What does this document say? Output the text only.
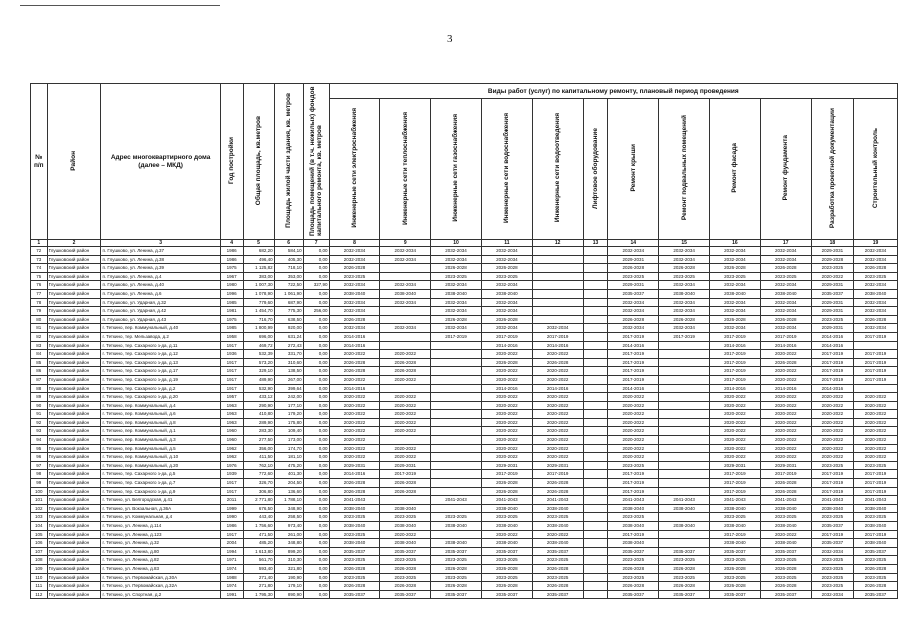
3
№ п/п	Район	Адрес многоквартирного дома (далее – МКД)	Год постройки	Общая площадь, кв.метров	Площадь жилой части здания, кв. метров	Площадь помещений (в т.ч. нежилых) фондов капитального ремонта, кв. метров	Виды работ (услуг) по капитальному ремонту, плановый период проведения											
							Инженерные сети электроснабжения	Инженерные сети теплоснабжения	Инженерные сети газоснабжения	Инженерные сети водоснабжения	Инженерные сети водоотведения	Лифтовое оборудование	Ремонт крыши	Ремонт подвальных помещений	Ремонт фасада	Ремонт фундамента	Разработка проектной документации	Строительный контроль
1	2	3	4	5	6	7	8	9	10	11	12	13	14	15	16	17	18	19
72	Глушковский район	п. Глушково, ул. Ленина, д.37	1986	682,20	584,10	0,00	2032-2034	2032-2034	2032-2034	2032-2034			2032-2034	2032-2034	2032-2034	2032-2034	2029-2031	2032-2034
73	Глушковский район	п. Глушково, ул. Ленина, д.38	1986	496,40	405,30	0,00	2032-2034	2032-2034	2032-2034	2032-2034			2029-2031	2032-2034	2032-2034	2032-2034	2029-2028	2032-2034
74	Глушковский район	п. Глушково, ул. Ленина, д.39	1975	1 125,82	718,10	0,00	2026-2028		2026-2028	2026-2028			2026-2028	2026-2028	2026-2028	2026-2028	2023-2025	2026-2028
75	Глушковский район	п. Глушково, ул. Ленина, д.4	1967	383,00	353,00	0,00	2023-2025		2023-2025	2023-2025			2023-2025	2023-2025	2023-2025	2023-2025	2020-2022	2023-2025
76	Глушковский район	п. Глушково, ул. Ленина, д.40	1980	1 007,30	722,50	327,90	2032-2034	2032-2034	2032-2034	2032-2034			2029-2031	2032-2034	2032-2034	2032-2034	2029-2031	2032-2034
77	Глушковский район	п. Глушково, ул. Ленина, д.6	1996	1 078,90	1 061,90	0,00	2038-2040	2038-2040	2038-2040	2038-2040			2035-2037	2038-2040	2038-2040	2038-2040	2035-2037	2038-2040
78	Глушковский район	п. Глушково, ул. Ударная, д.32	1985	779,60	687,90	0,00	2032-2034	2032-2034	2032-2034	2032-2034			2032-2034	2032-2034	2032-2034	2032-2034	2029-2031	2032-2034
79	Глушковский район	п. Глушково, ул. Ударная, д.42	1981	1 454,70	775,30	256,00	2032-2034		2032-2034	2032-2034			2032-2034	2032-2034	2032-2034	2032-2034	2029-2031	2032-2034
80	Глушковский район	п. Глушково, ул. Ударная, д.43	1975	716,70	638,50	0,00	2026-2028		2026-2028	2026-2028			2026-2028	2026-2028	2026-2028	2026-2028	2023-2025	2026-2028
81	Глушковский район	г. Теткино, пер. Коммунальный, д.40	1985	1 800,99	920,00	0,00	2032-2034	2032-2034	2032-2034	2032-2034	2032-2034		2032-2034	2032-2034	2032-2034	2032-2034	2029-2031	2032-2034
82	Глушковский район	г. Теткино, тер. Мельзавода, д.2	1958	696,00	631,24	0,00	2014-2016		2017-2019	2017-2019	2017-2019		2017-2019	2017-2019	2017-2019	2017-2019	2014-2016	2017-2019
83	Глушковский район	г. Теткино, тер. Сахарного з-да, д.11	1917	469,72	272,43	0,00	2014-2016			2014-2016	2014-2016		2014-2016		2014-2016	2014-2016	2014-2016	
84	Глушковский район	г. Теткино, тер. Сахарного з-да, д.12	1936	532,39	331,70	0,00	2020-2022	2020-2022		2020-2022	2020-2022		2017-2019		2017-2019	2020-2022	2017-2019	2017-2019
85	Глушковский район	г. Теткино, тер. Сахарного з-да, д.13	1917	573,20	310,60	0,00	2026-2028	2026-2028		2026-2028	2026-2028		2017-2019		2017-2019	2026-2028	2017-2019	2017-2019
86	Глушковский район	г. Теткино, тер. Сахарного з-да, д.17	1917	329,10	138,50	0,00	2026-2028	2026-2028		2020-2022	2020-2022		2017-2019		2017-2019	2020-2022	2017-2019	2017-2019
87	Глушковский район	г. Теткино, тер. Сахарного з-да, д.19	1917	489,90	267,00	0,00	2020-2022	2020-2022		2020-2022	2020-2022		2017-2019		2017-2019	2020-2022	2017-2019	2017-2019
88	Глушковский район	г. Теткино, тер. Сахарного з-да, д.2	1917	532,90	399,64	0,00	2014-2016			2014-2016	2014-2016		2014-2016		2014-2016	2014-2016	2014-2016	
89	Глушковский район	г. Теткино, тер. Сахарного з-да, д.20	1957	433,12	242,00	0,00	2020-2022	2020-2022		2020-2022	2020-2022		2020-2022		2020-2022	2020-2022	2020-2022	2020-2022
90	Глушковский район	г. Теткино, пер. Коммунальный, д.4	1963	290,90	177,10	0,00	2020-2022	2020-2022		2020-2022	2020-2022		2020-2022		2020-2022	2020-2022	2020-2022	2020-2022
91	Глушковский район	г. Теткино, пер. Коммунальный, д.6	1963	410,80	179,20	0,00	2020-2022	2020-2022		2020-2022	2020-2022		2020-2022		2020-2022	2020-2022	2020-2022	2020-2022
92	Глушковский район	г. Теткино, пер. Коммунальный, д.8	1963	289,90	175,80	0,00	2020-2022	2020-2022		2020-2022	2020-2022		2020-2022		2020-2022	2020-2022	2020-2022	2020-2022
93	Глушковский район	г. Теткино, пер. Коммунальный, д.1	1960	283,30	109,40	0,00	2020-2022	2020-2022		2020-2022	2020-2022		2020-2022		2020-2022	2020-2022	2020-2022	2020-2022
94	Глушковский район	г. Теткино, пер. Коммунальный, д.3	1960	277,50	173,00	0,00	2020-2022			2020-2022	2020-2022		2020-2022		2020-2022	2020-2022	2020-2022	2020-2022
95	Глушковский район	г. Теткино, пер. Коммунальный, д.5	1962	356,00	174,70	0,00	2020-2022	2020-2022		2020-2022	2020-2022		2020-2022		2020-2022	2020-2022	2020-2022	2020-2022
96	Глушковский район	г. Теткино, пер. Коммунальный, д.10	1962	411,50	181,10	0,00	2020-2022	2020-2022		2020-2022	2020-2022		2020-2022		2020-2022	2020-2022	2020-2022	2020-2022
97	Глушковский район	г. Теткино, пер. Коммунальный, д.20	1976	762,10	475,20	0,00	2029-2031	2029-2031		2029-2031	2029-2031		2023-2025		2029-2031	2029-2031	2023-2025	2023-2025
98	Глушковский район	г. Теткино, тер. Сахарного з-да, д.5	1939	772,60	401,30	0,00	2014-2016	2017-2019		2017-2019	2017-2019		2017-2019		2017-2019	2017-2019	2017-2019	2017-2019
99	Глушковский район	г. Теткино, тер. Сахарного з-да, д.7	1917	326,70	204,50	0,00	2026-2028	2026-2028		2026-2028	2026-2028		2017-2019		2017-2019	2026-2028	2017-2019	2017-2019
100	Глушковский район	г. Теткино, тер. Сахарного з-да, д.9	1917	306,80	136,60	0,00	2026-2028	2026-2028		2026-2028	2026-2028		2017-2019		2017-2019	2026-2028	2017-2019	2017-2019
101	Глушковский район	г. Теткино, ул. Белгородская, д.41	2011	2 771,80	1 788,10	0,00	2041-2043		2041-2043	2041-2043	2041-2043		2041-2043	2041-2043	2041-2043	2041-2043	2041-2043	2041-2043
102	Глушковский район	г. Теткино, ул. Вокзальная, д.36А	1999	676,50	348,90	0,00	2038-2040	2038-2040		2038-2040	2038-2040		2038-2040	2038-2040	2038-2040	2038-2040	2038-2040	2038-2040
103	Глушковский район	г. Теткино, ул. Коммунальная, д.4	1990	443,40	258,50	0,00	2023-2025	2023-2025	2023-2025	2023-2025	2023-2025		2023-2025		2023-2025	2023-2025	2023-2025	2023-2025
104	Глушковский район	г. Теткино, ул. Ленина, д.114	1986	1 756,60	973,40	0,00	2038-2040	2038-2040	2038-2040	2038-2040	2038-2040		2038-2040	2038-2040	2038-2040	2038-2040	2035-2037	2038-2040
105	Глушковский район	г. Теткино, ул. Ленина, д.123	1917	471,50	261,00	0,00	2023-2025	2020-2022		2020-2022	2020-2022		2017-2019		2017-2019	2020-2022	2017-2019	2017-2019
106	Глушковский район	г. Теткино, ул. Ленина, д.32	2004	485,20	348,80	0,00	2038-2040	2038-2040	2038-2040	2038-2040	2038-2040		2038-2040		2038-2040	2038-2040	2035-2037	2038-2040
107	Глушковский район	г. Теткино, ул. Ленина, д.80	1994	1 613,80	899,20	0,00	2035-2037	2035-2037	2035-2037	2035-2037	2035-2037		2035-2037	2035-2037	2035-2037	2035-2037	2032-2034	2035-2037
108	Глушковский район	г. Теткино, ул. Ленина, д.82	1971	561,70	310,30	0,00	2023-2025	2023-2025	2023-2025	2023-2025	2023-2025		2023-2025	2023-2025	2023-2025	2023-2025	2023-2025	2023-2025
109	Глушковский район	г. Теткино, ул. Ленина, д.83	1974	593,40	321,80	0,00	2026-2028	2026-2028	2026-2028	2026-2028	2026-2028		2026-2028	2026-2028	2026-2028	2026-2028	2023-2025	2026-2028
110	Глушковский район	г. Теткино, ул. Первомайская, д.30А	1988	271,40	190,90	0,00	2023-2025	2023-2025	2023-2025	2023-2025	2023-2025		2023-2025	2023-2025	2023-2025	2023-2025	2023-2025	2023-2025
111	Глушковский район	г. Теткино, ул. Первомайская, д.32А	1974	271,80	179,10	0,00	2026-2028	2026-2028	2026-2028	2026-2028	2026-2028		2026-2028	2026-2028	2026-2028	2026-2028	2023-2025	2026-2028
112	Глушковский район	г. Теткино, ул. Спортная, д.2	1991	1 795,30	890,90	0,00	2035-2037	2035-2037	2035-2037	2035-2037	2035-2037		2035-2037	2035-2037	2035-2037	2035-2037	2032-2034	2035-2037
